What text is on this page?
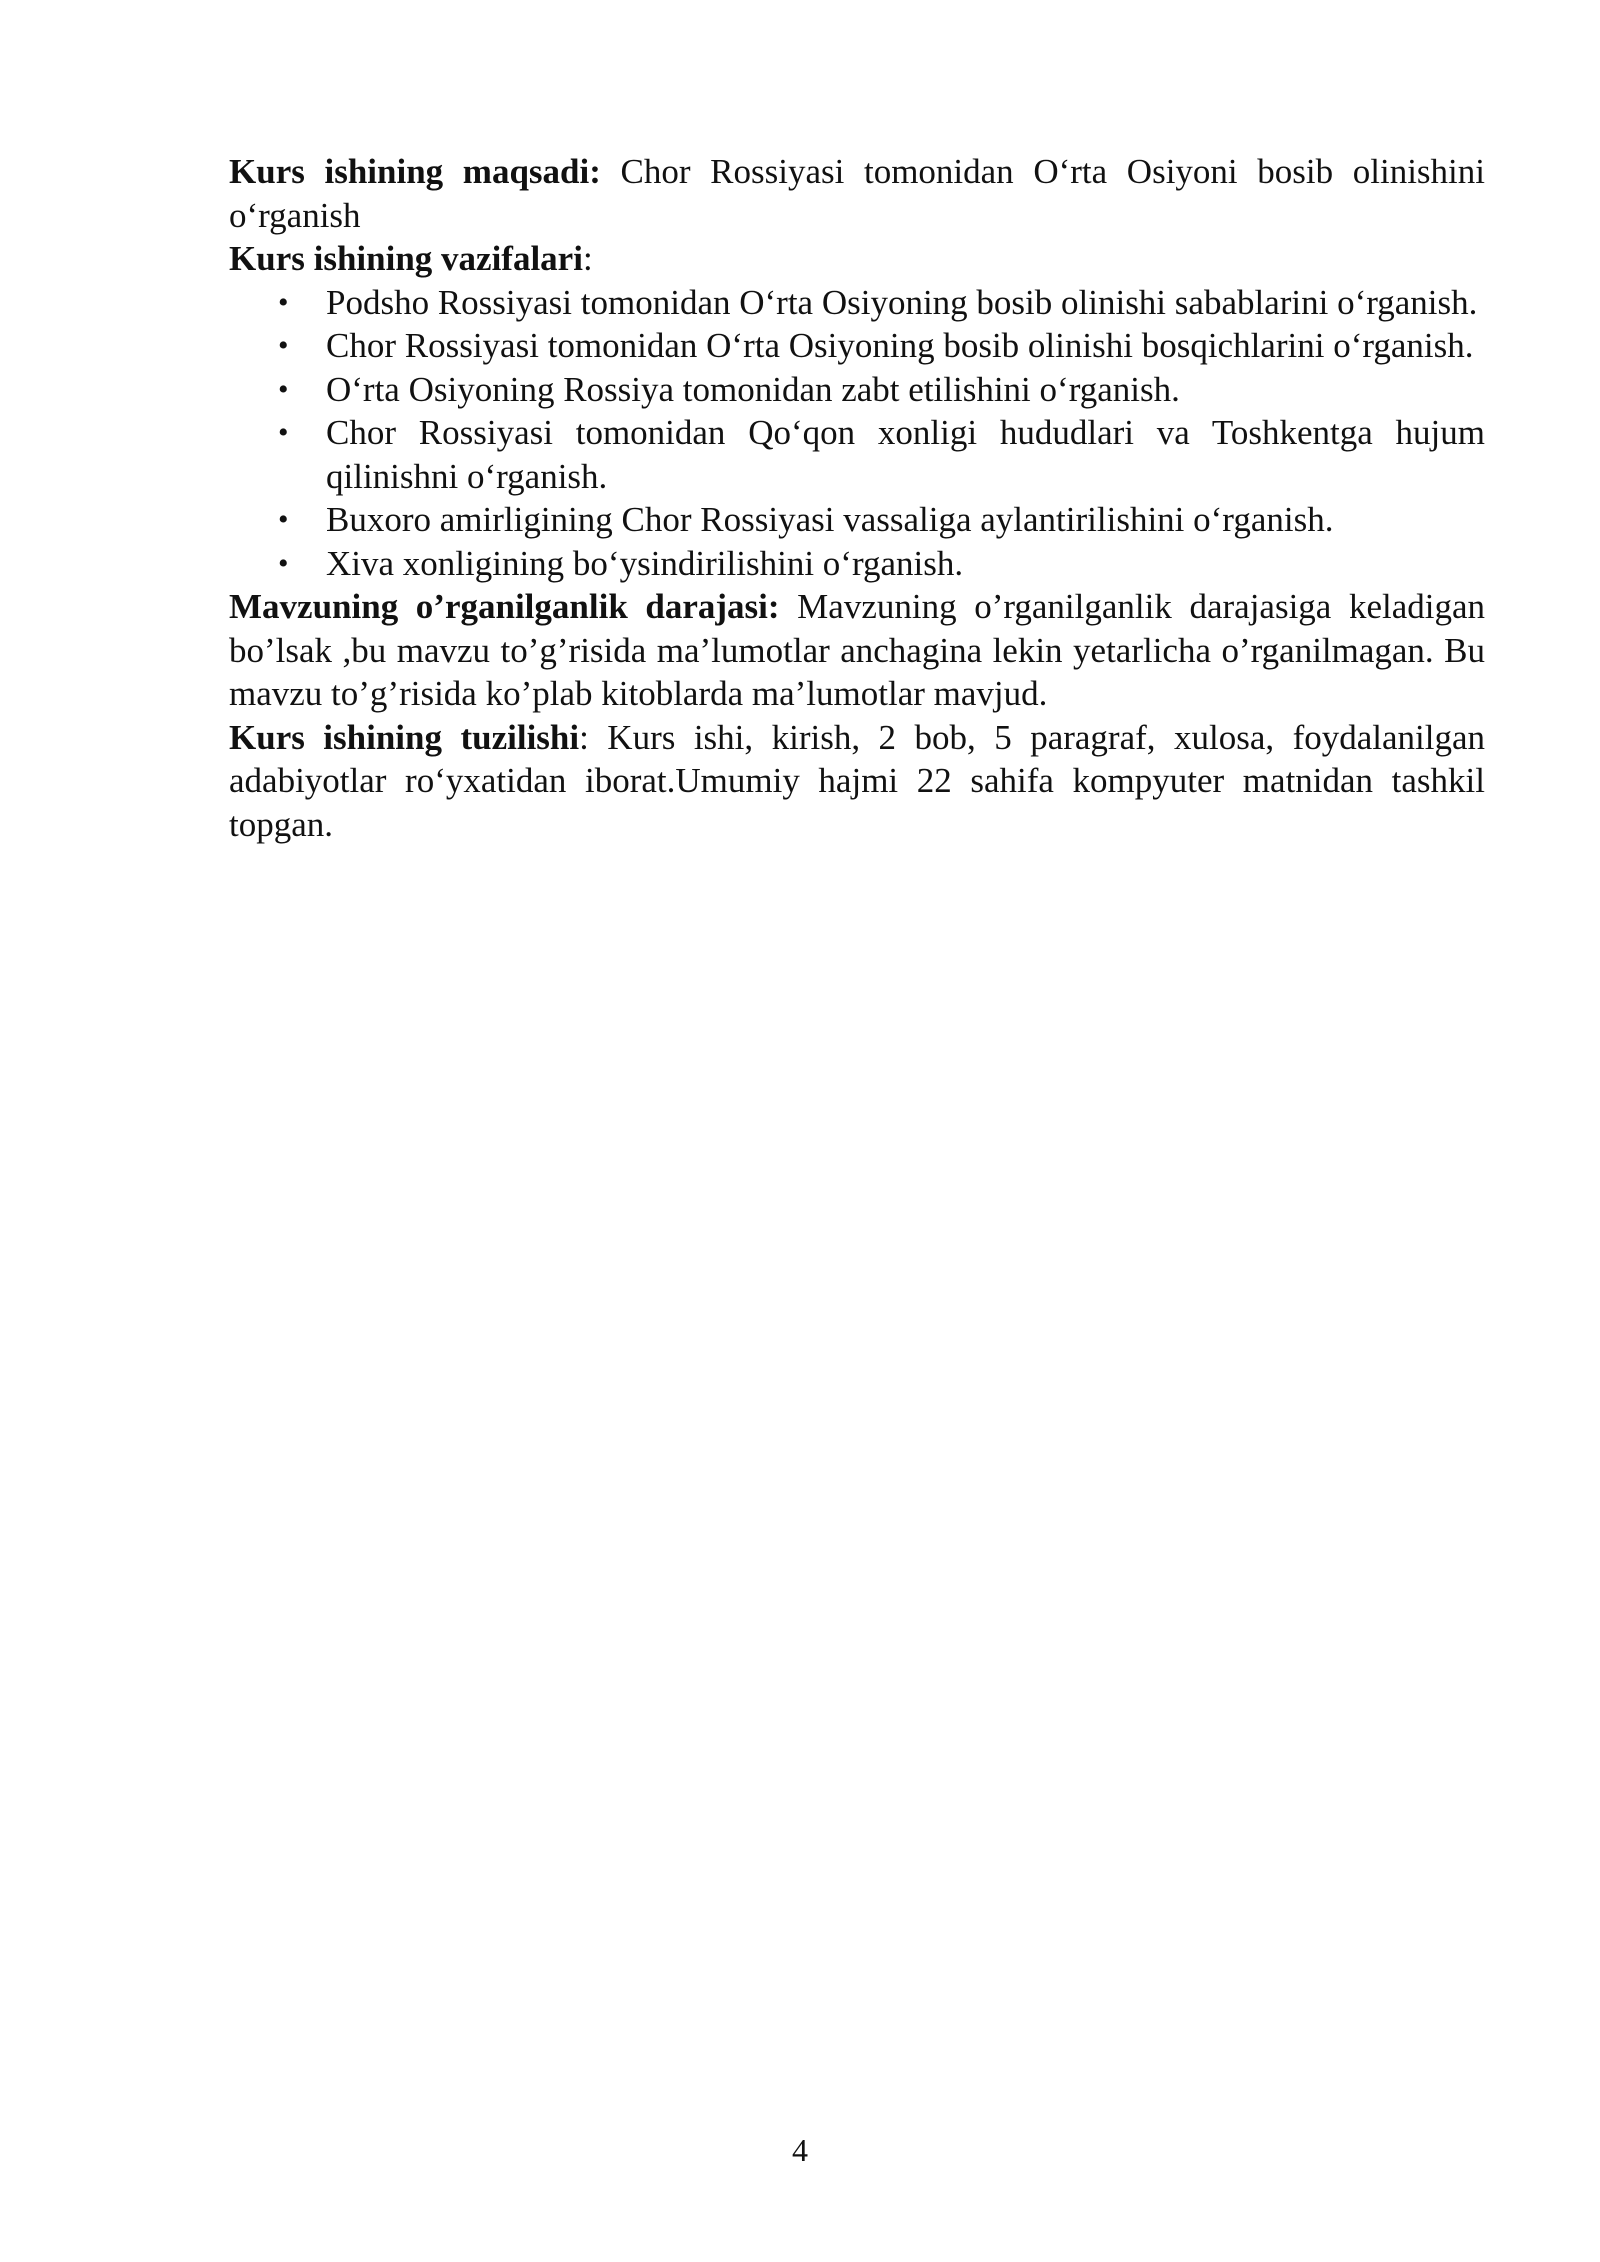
Kurs ishining maqsadi: Chor Rossiyasi tomonidan O‘rta Osiyoni bosib olinishini o‘rganish

Kurs ishining vazifalari:

• Podsho Rossiyasi tomonidan O‘rta Osiyoning bosib olinishi sabablarini o‘rganish.
• Chor Rossiyasi tomonidan O‘rta Osiyoning bosib olinishi bosqichlarini o‘rganish.
• O‘rta Osiyoning Rossiya tomonidan zabt etilishini o‘rganish.
• Chor Rossiyasi tomonidan Qo‘qon xonligi hududlari va Toshkentga hujum qilinishni o‘rganish.
• Buxoro amirligining Chor Rossiyasi vassaliga aylantirilishini o‘rganish.
• Xiva xonligining bo‘ysindirilishini o‘rganish.

Mavzuning o’rganilganlik darajasi: Mavzuning o’rganilganlik darajasiga keladigan bo’lsak ,bu mavzu to’g’risida ma’lumotlar anchagina lekin yetarlicha o’rganilmagan. Bu mavzu to’g’risida ko’plab kitoblarda ma’lumotlar mavjud.

Kurs ishining tuzilishi: Kurs ishi, kirish, 2 bob, 5 paragraf, xulosa, foydalanilgan adabiyotlar ro‘yxatidan iborat.Umumiy hajmi 22 sahifa kompyuter matnidan tashkil topgan.

4
